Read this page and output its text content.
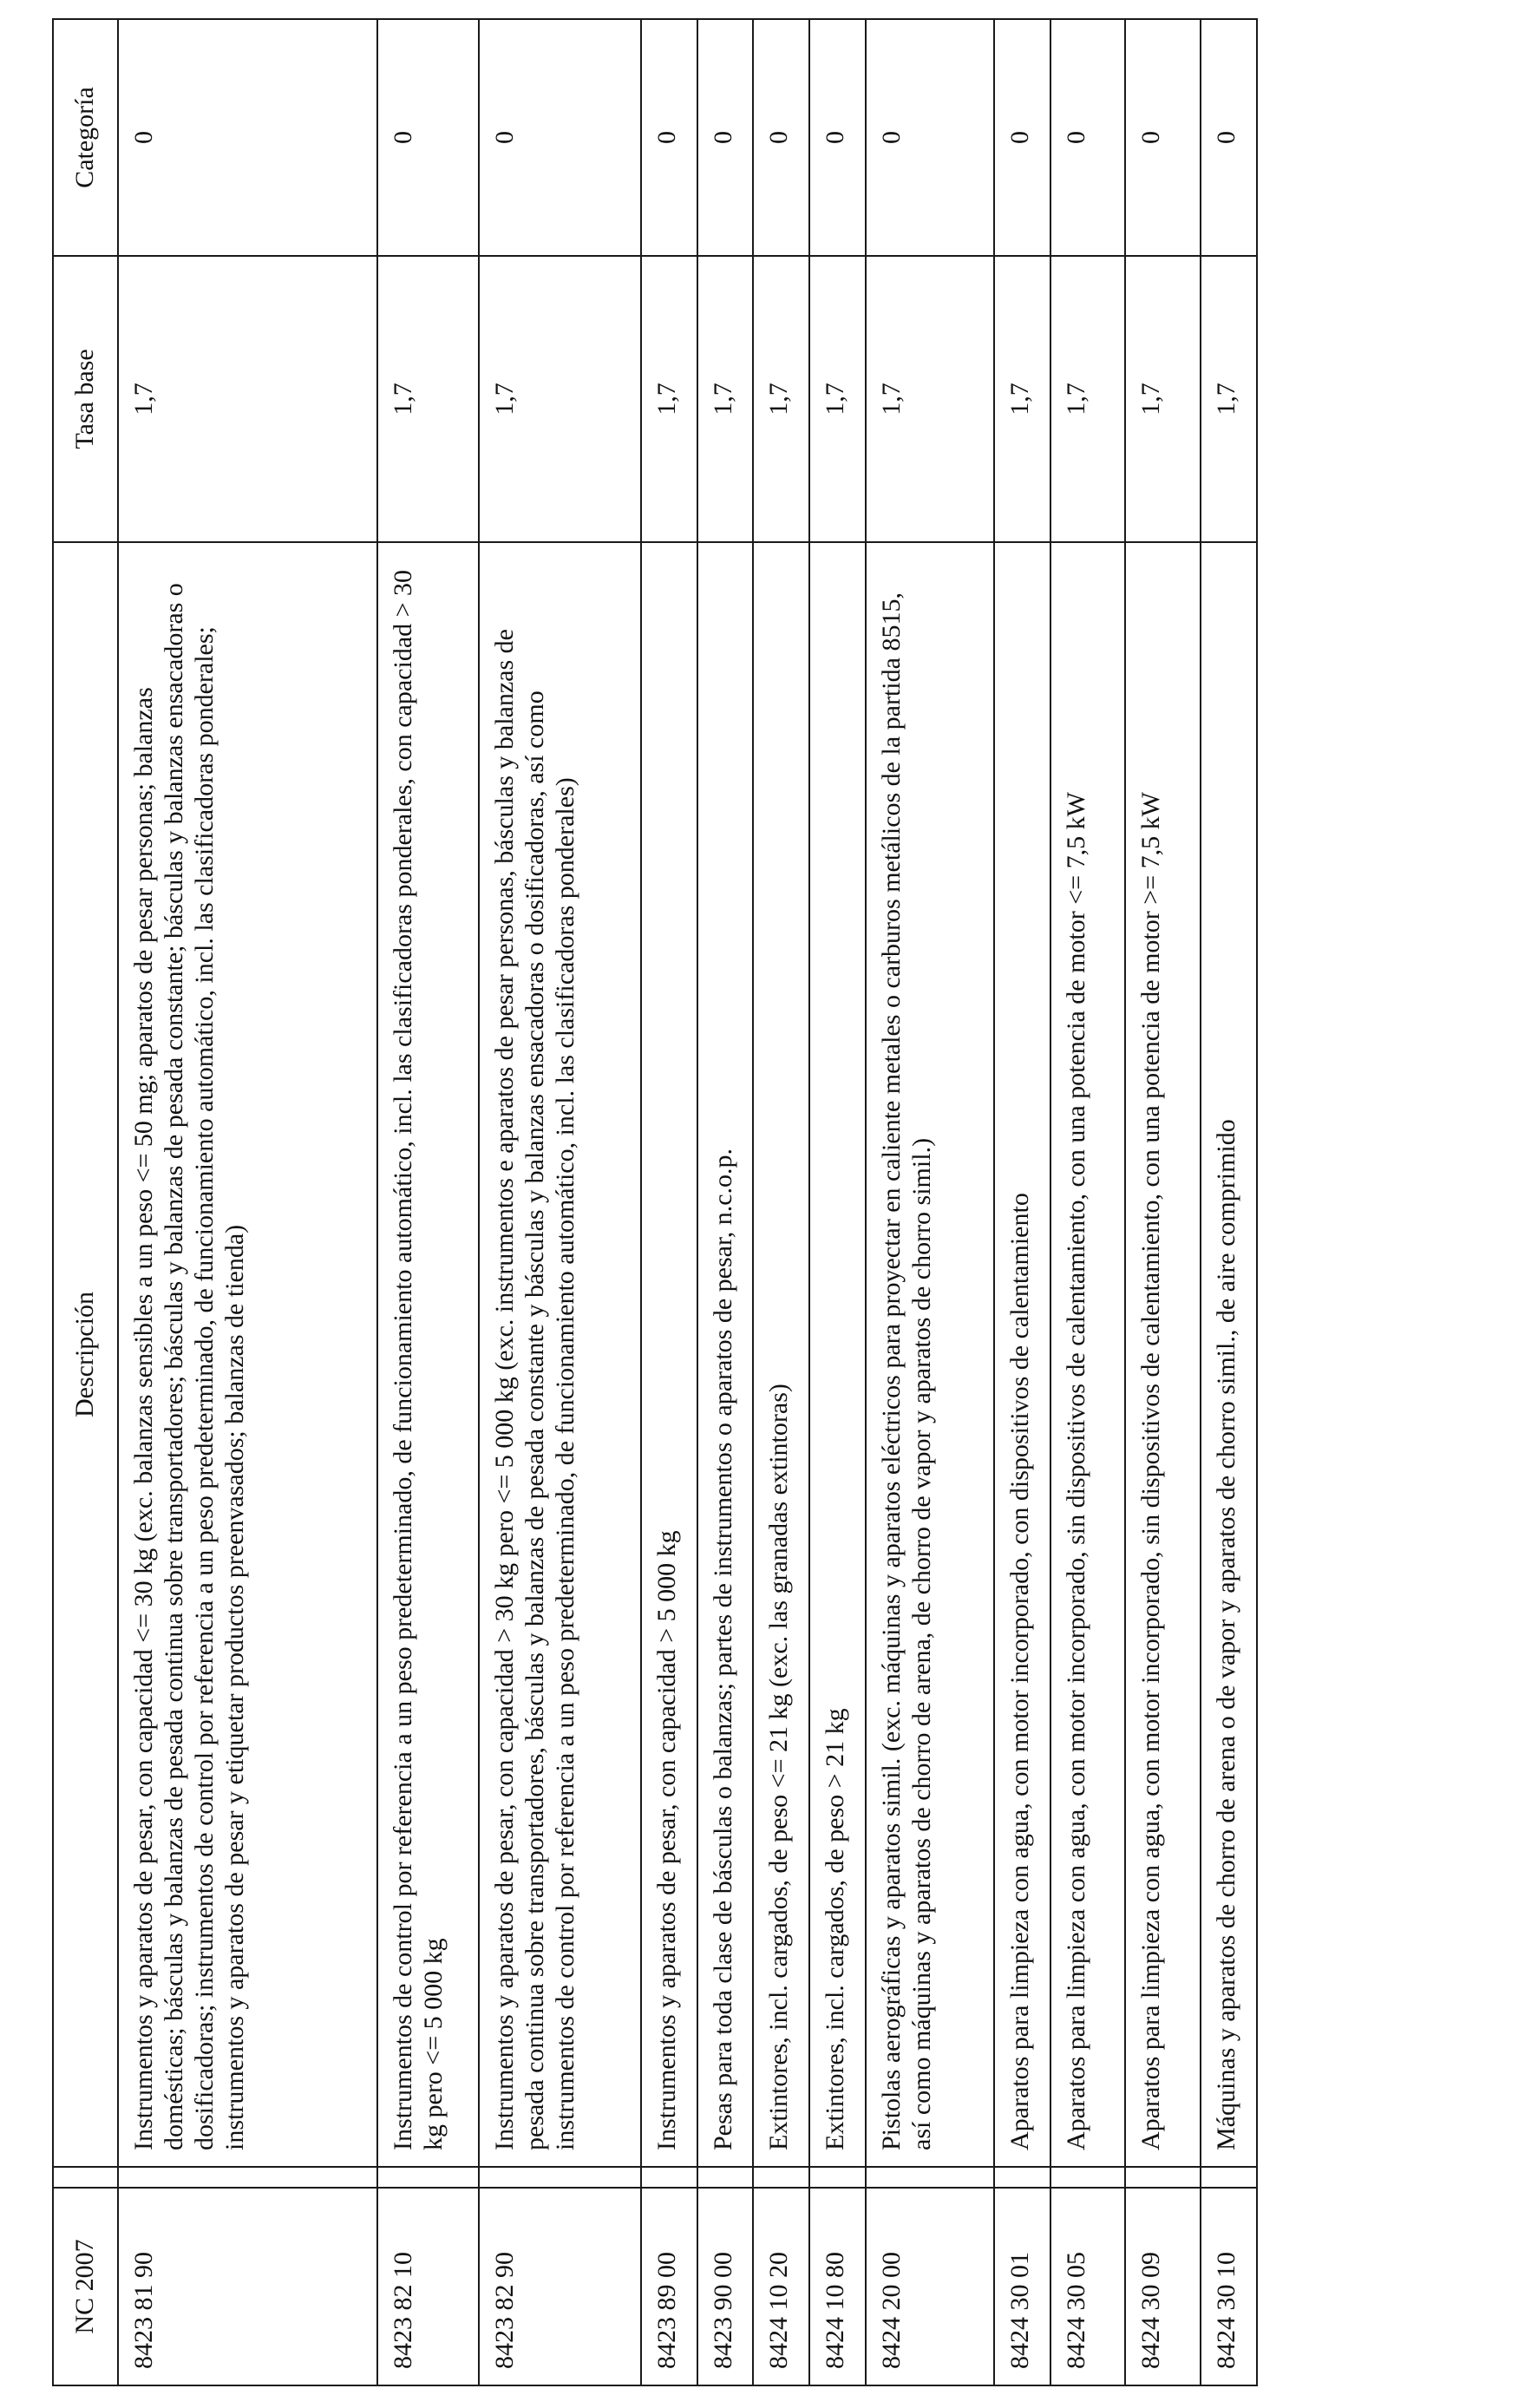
NC 2007		Descripción	Tasa base	Categoría
8423 81 90		Instrumentos y aparatos de pesar, con capacidad <= 30 kg (exc. balanzas sensibles a un peso <= 50 mg; aparatos de pesar personas; balanzas domésticas; básculas y balanzas de pesada continua sobre transportadores; básculas y balanzas de pesada constante; básculas y balanzas ensacadoras o dosificadoras; instrumentos de control por referencia a un peso predeterminado, de funcionamiento automático, incl. las clasificadoras ponderales; instrumentos y aparatos de pesar y etiquetar productos preenvasados; balanzas de tienda)	1,7	0
8423 82 10		Instrumentos de control por referencia a un peso predeterminado, de funcionamiento automático, incl. las clasificadoras ponderales, con capacidad > 30 kg pero <= 5 000 kg	1,7	0
8423 82 90		Instrumentos y aparatos de pesar, con capacidad > 30 kg pero <= 5 000 kg (exc. instrumentos e aparatos de pesar personas, básculas y balanzas de pesada continua sobre transportadores, básculas y balanzas de pesada constante y básculas y balanzas ensacadoras o dosificadoras, así como instrumentos de control por referencia a un peso predeterminado, de funcionamiento automático, incl. las clasificadoras ponderales)	1,7	0
8423 89 00		Instrumentos y aparatos de pesar, con capacidad > 5 000 kg	1,7	0
8423 90 00		Pesas para toda clase de básculas o balanzas; partes de instrumentos o aparatos de pesar, n.c.o.p.	1,7	0
8424 10 20		Extintores, incl. cargados, de peso <= 21 kg (exc. las granadas extintoras)	1,7	0
8424 10 80		Extintores, incl. cargados, de peso > 21 kg	1,7	0
8424 20 00		Pistolas aerográficas y aparatos simil. (exc. máquinas y aparatos eléctricos para proyectar en caliente metales o carburos metálicos de la partida 8515, así como máquinas y aparatos de chorro de arena, de chorro de vapor y aparatos de chorro simil.)	1,7	0
8424 30 01		Aparatos para limpieza con agua, con motor incorporado, con dispositivos de calentamiento	1,7	0
8424 30 05		Aparatos para limpieza con agua, con motor incorporado, sin dispositivos de calentamiento, con una potencia de motor <= 7,5 kW	1,7	0
8424 30 09		Aparatos para limpieza con agua, con motor incorporado, sin dispositivos de calentamiento, con una potencia de motor >= 7,5 kW	1,7	0
8424 30 10		Máquinas y aparatos de chorro de arena o de vapor y aparatos de chorro simil., de aire comprimido	1,7	0
